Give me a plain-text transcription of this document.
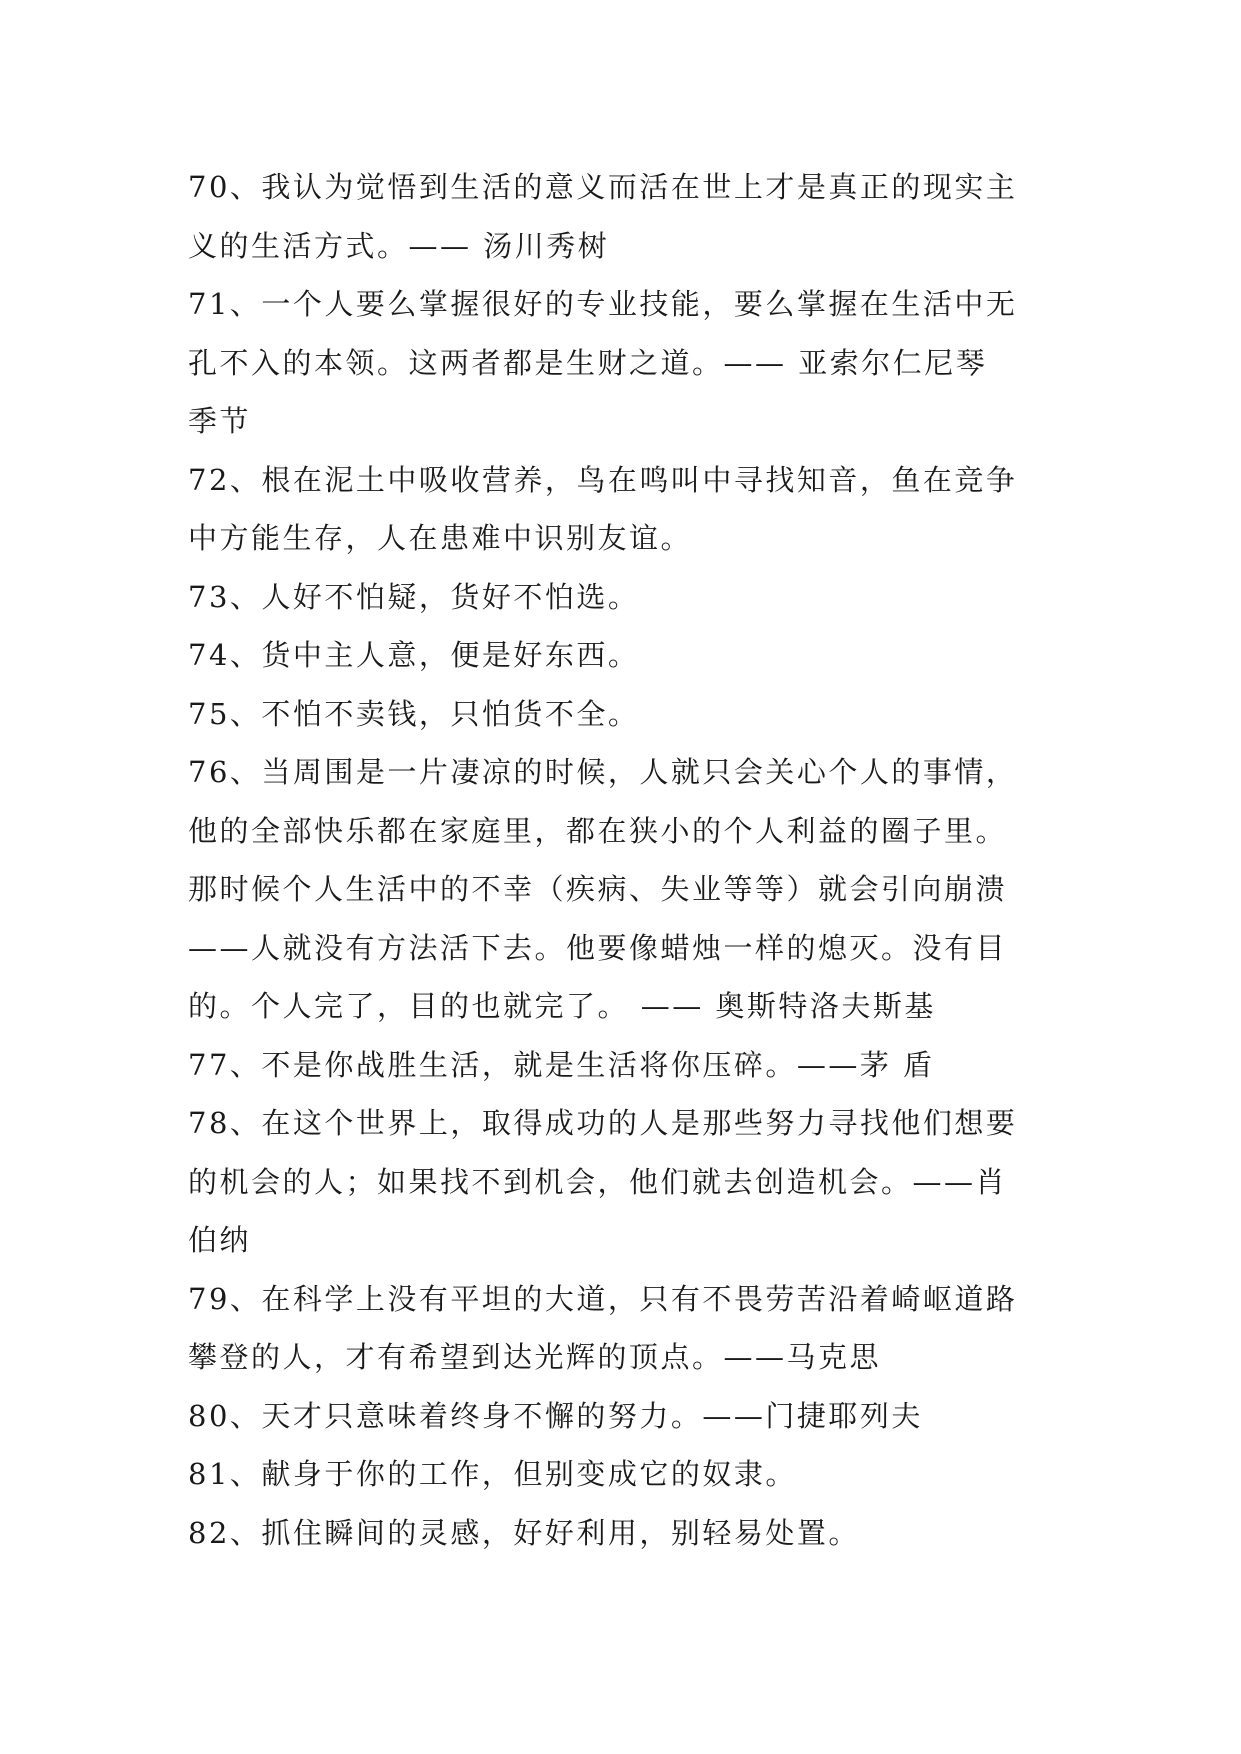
70、我认为觉悟到生活的意义而活在世上才是真正的现实主
义的生活方式。—— 汤川秀树
71、一个人要么掌握很好的专业技能，要么掌握在生活中无
孔不入的本领。这两者都是生财之道。—— 亚索尔仁尼琴
季节
72、根在泥土中吸收营养，鸟在鸣叫中寻找知音，鱼在竞争
中方能生存，人在患难中识别友谊。
73、人好不怕疑，货好不怕选。
74、货中主人意，便是好东西。
75、不怕不卖钱，只怕货不全。
76、当周围是一片凄凉的时候，人就只会关心个人的事情，
他的全部快乐都在家庭里，都在狭小的个人利益的圈子里。
那时候个人生活中的不幸（疾病、失业等等）就会引向崩溃
——人就没有方法活下去。他要像蜡烛一样的熄灭。没有目
的。个人完了，目的也就完了。 —— 奥斯特洛夫斯基
77、不是你战胜生活，就是生活将你压碎。——茅 盾
78、在这个世界上，取得成功的人是那些努力寻找他们想要
的机会的人；如果找不到机会，他们就去创造机会。——肖
伯纳
79、在科学上没有平坦的大道，只有不畏劳苦沿着崎岖道路
攀登的人，才有希望到达光辉的顶点。——马克思
80、天才只意味着终身不懈的努力。——门捷耶列夫
81、献身于你的工作，但别变成它的奴隶。
82、抓住瞬间的灵感，好好利用，别轻易处置。
